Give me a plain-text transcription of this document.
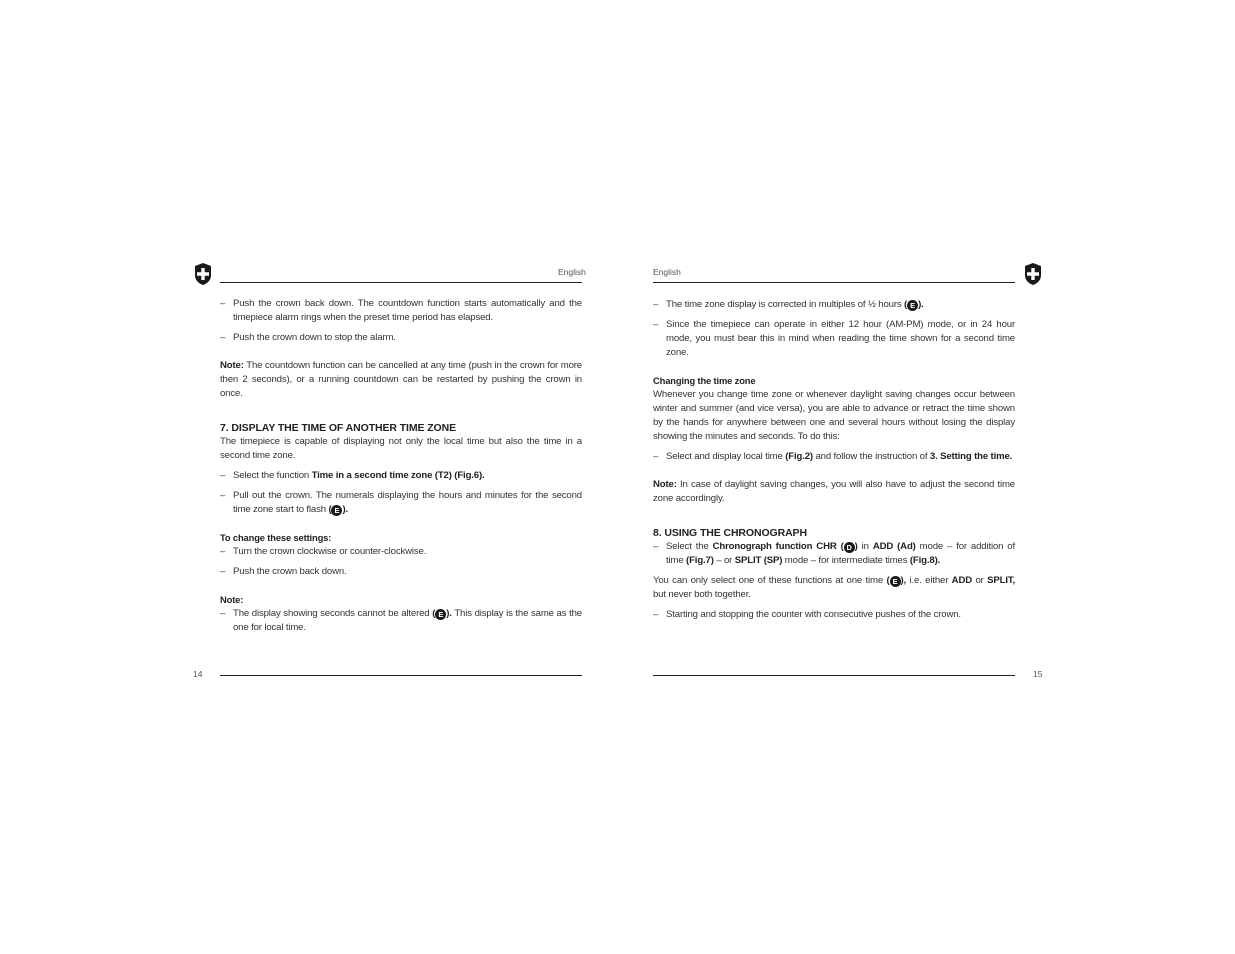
English

– Push the crown back down. The countdown function starts automatically and the timepiece alarm rings when the preset time period has elapsed.

– Push the crown down to stop the alarm.

Note: The countdown function can be cancelled at any time (push in the crown for more then 2 seconds), or a running countdown can be restarted by pushing the crown in once.

7. DISPLAY THE TIME OF ANOTHER TIME ZONE

The timepiece is capable of displaying not only the local time but also the time in a second time zone.

– Select the function Time in a second time zone (T2) (Fig.6).

– Pull out the crown. The numerals displaying the hours and minutes for the second time zone start to flash ( E ).

To change these settings:

– Turn the crown clockwise or counter-clockwise.

– Push the crown back down.

Note:

– The display showing seconds cannot be altered ( E ). This display is the same as the one for local time.

14
English

– The time zone display is corrected in multiples of ½ hours ( E ).

– Since the timepiece can operate in either 12 hour (AM-PM) mode, or in 24 hour mode, you must bear this in mind when reading the time shown for a second time zone.

Changing the time zone

Whenever you change time zone or whenever daylight saving changes occur between winter and summer (and vice versa), you are able to advance or retract the time shown by the hands for anywhere between one and several hours without losing the display showing the minutes and seconds. To do this:

– Select and display local time (Fig.2) and follow the instruction of 3. Setting the time.

Note: In case of daylight saving changes, you will also have to adjust the second time zone accordingly.

8. USING THE CHRONOGRAPH

– Select the Chronograph function CHR ( D ) in ADD (Ad) mode – for addition of time (Fig.7) – or SPLIT (SP) mode – for intermediate times (Fig.8).

You can only select one of these functions at one time ( E ), i.e. either ADD or SPLIT, but never both together.

– Starting and stopping the counter with consecutive pushes of the crown.

15
